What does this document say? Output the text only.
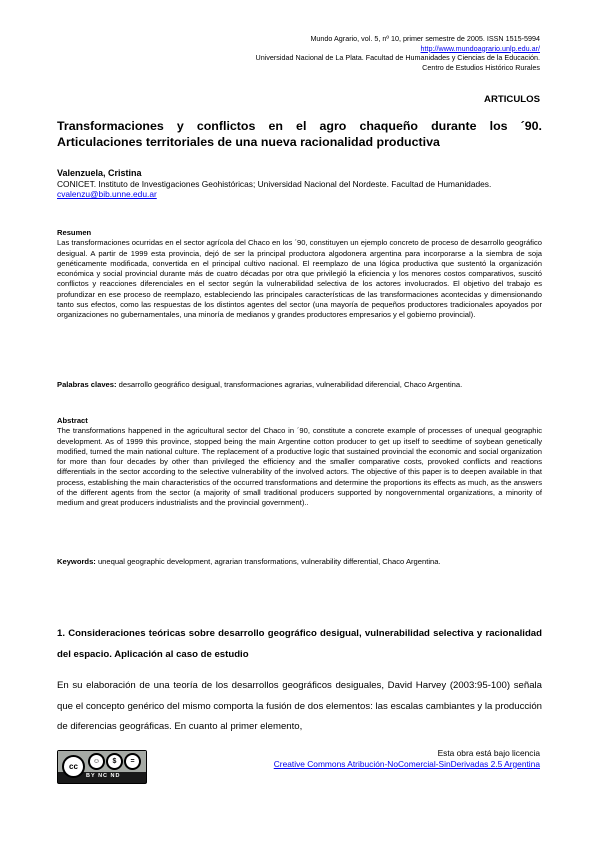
Mundo Agrario, vol. 5, nº 10, primer semestre de 2005. ISSN 1515-5994
http://www.mundoagrario.unlp.edu.ar/
Universidad Nacional de La Plata. Facultad de Humanidades y Ciencias de la Educación.
Centro de Estudios Histórico Rurales
ARTICULOS
Transformaciones y conflictos en el agro chaqueño durante los ´90. Articulaciones territoriales de una nueva racionalidad productiva
Valenzuela, Cristina
CONICET. Instituto de Investigaciones Geohistóricas; Universidad Nacional del Nordeste. Facultad de Humanidades.
cvalenzu@bib.unne.edu.ar
Resumen
Las transformaciones ocurridas en el sector agrícola del Chaco en los ´90, constituyen un ejemplo concreto de proceso de desarrollo geográfico desigual. A partir de 1999 esta provincia, dejó de ser la principal productora algodonera argentina para incorporarse a la siembra de soja genéticamente modificada, convertida en el principal cultivo nacional. El reemplazo de una lógica productiva que sustentó la organización económica y social provincial durante más de cuatro décadas por otra que privilegió la eficiencia y los menores costos comparativos, suscitó conflictos y reacciones diferenciales en el sector según la vulnerabilidad selectiva de los actores involucrados. El objetivo del trabajo es profundizar en ese proceso de reemplazo, estableciendo las principales características de las transformaciones acontecidas y dimensionando tanto sus efectos, como las respuestas de los distintos agentes del sector (una mayoría de pequeños productores tradicionales apoyados por organizaciones no gubernamentales, una minoría de medianos y grandes productores empresarios y el gobierno provincial).
Palabras claves: desarrollo geográfico desigual, transformaciones agrarias, vulnerabilidad diferencial, Chaco Argentina.
Abstract
The transformations happened in the agricultural sector del Chaco in ´90, constitute a concrete example of processes of unequal geographic development. As of 1999 this province, stopped being the main Argentine cotton producer to get up itself to seedtime of soybean genetically modified, turned the main national culture. The replacement of a productive logic that sustained provincial the economic and social organization for more than four decades by other than privileged the efficiency and the smaller comparative costs, provoked conflicts and reactions differentials in the sector according to the selective vulnerability of the involved actors. The objective of this paper is to deepen available in that process, establishing the main characteristics of the occurred transformations and determine the proportions its effects as much, as the answers of the different agents from the sector (a majority of small traditional producers supported by nongovernmental organizations, a minority of medium and great producers industrialists and the provincial government)..
Keywords: unequal geographic development, agrarian transformations, vulnerability differential, Chaco Argentina.
1. Consideraciones teóricas sobre desarrollo geográfico desigual, vulnerabilidad selectiva y racionalidad del espacio. Aplicación al caso de estudio
En su elaboración de una teoría de los desarrollos geográficos desiguales, David Harvey (2003:95-100) señala que el concepto genérico del mismo comporta la fusión de dos elementos: las escalas cambiantes y la producción de diferencias geográficas. En cuanto al primer elemento,
cc
☺	$	=
BY NC ND
Esta obra está bajo licencia
Creative Commons Atribución-NoComercial-SinDerivadas 2.5 Argentina
